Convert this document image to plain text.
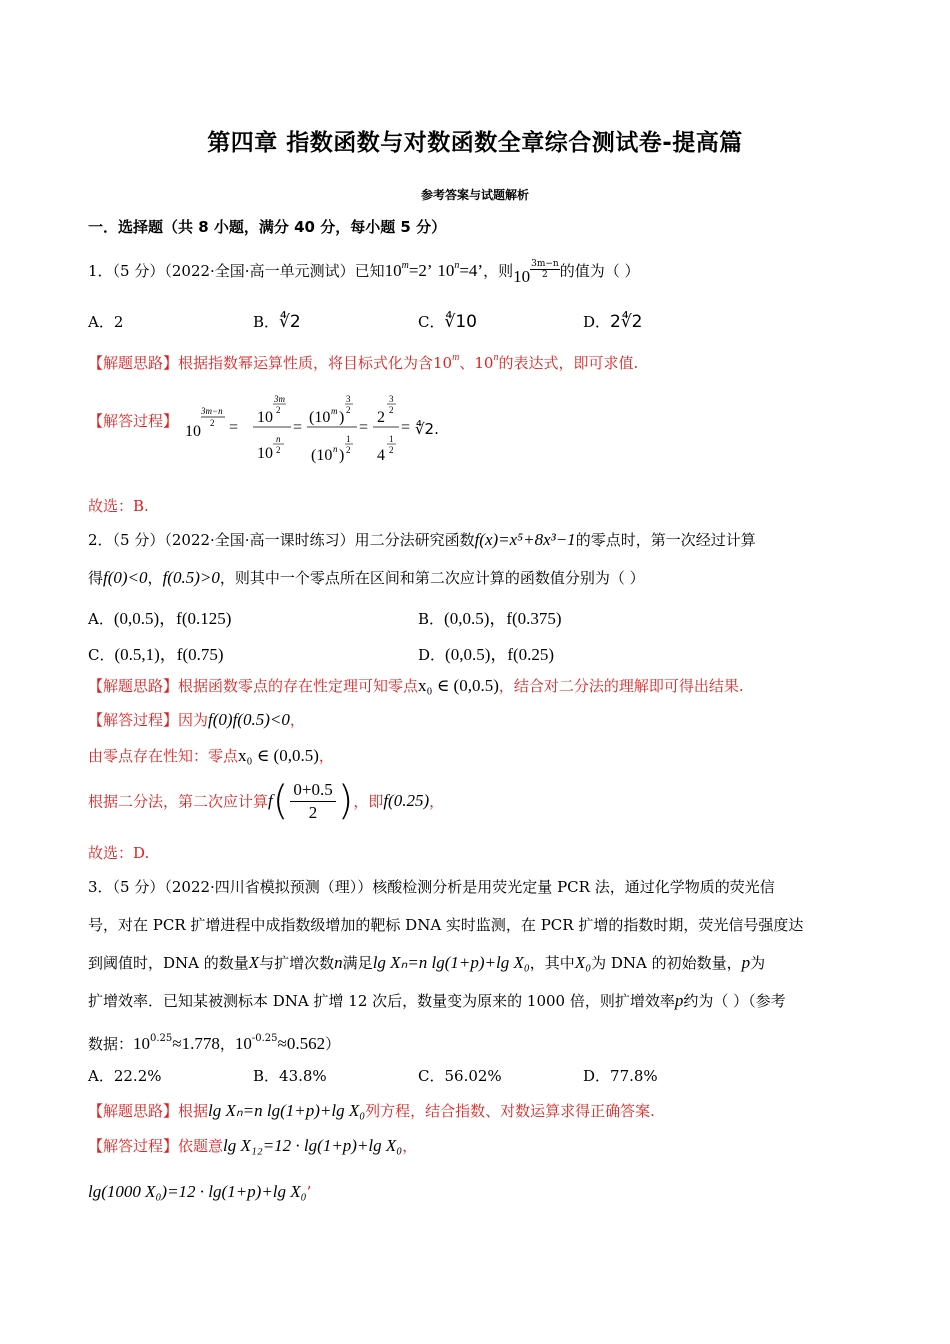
第四章 指数函数与对数函数全章综合测试卷-提高篇
参考答案与试题解析
一．选择题（共 8 小题，满分 40 分，每小题 5 分）
1．（5 分）（2022·全国·高一单元测试）已知$10^m=2$’ $10^n=4$’，则$10 \frac{3m-n}{2}$ 的值为（ ）
A．2	B．∜2	C．∜10	D．2∜2
【解题思路】根据指数幂运算性质，将目标式化为含10$^m$、10$^n$的表达式，即可求值.
【解答过程】
10
3m−n
2 =
10
3m
2
10
n
2
=
(10 m )
3
2
(10 n )
1
2
=
2
3
2
4
1
2
= ∜2.
故选：B.
2．（5 分）（2022·全国·高一课时练习）用二分法研究函数f(x)=x⁵+8x³−1的零点时，第一次经过计算
得f(0)<0，f(0.5)>0，则其中一个零点所在区间和第二次应计算的函数值分别为（ ）
A．(0,0.5)，f(0.125)	B．(0,0.5)，f(0.375)
C．(0.5,1)，f(0.75)	D．(0,0.5)，f(0.25)
【解题思路】根据函数零点的存在性定理可知零点x₀ ∈ (0,0.5)，结合对二分法的理解即可得出结果.
【解答过程】因为f(0)f(0.5)<0，
由零点存在性知：零点x₀ ∈ (0,0.5)，
根据二分法，第二次应计算$f( \frac{0+0.5}{2}$ )，即f(0.25)，
故选：D.
3．（5 分）（2022·四川省模拟预测（理））核酸检测分析是用荧光定量 PCR 法，通过化学物质的荧光信
号，对在 PCR 扩增进程中成指数级增加的靶标 DNA 实时监测，在 PCR 扩增的指数时期，荧光信号强度达
到阈值时，DNA 的数量X与扩增次数n满足lg Xₙ=n lg(1+p)+lg X₀，其中X₀为 DNA 的初始数量，p为
扩增效率．已知某被测标本 DNA 扩增 12 次后，数量变为原来的 1000 倍，则扩增效率p约为（ ）（参考
数据：$10^{0.25}\approx 1.778$，$10^{-0.25}\approx 0.562$）
A．22.2%	B．43.8%	C．56.02%	D．77.8%
【解题思路】根据lg Xₙ=n lg(1+p)+lg X₀列方程，结合指数、对数运算求得正确答案.
【解答过程】依题意lg X₁₂=12 · lg(1+p)+lg X₀，
lg(1000 X₀)=12 · lg(1+p)+lg X₀’
